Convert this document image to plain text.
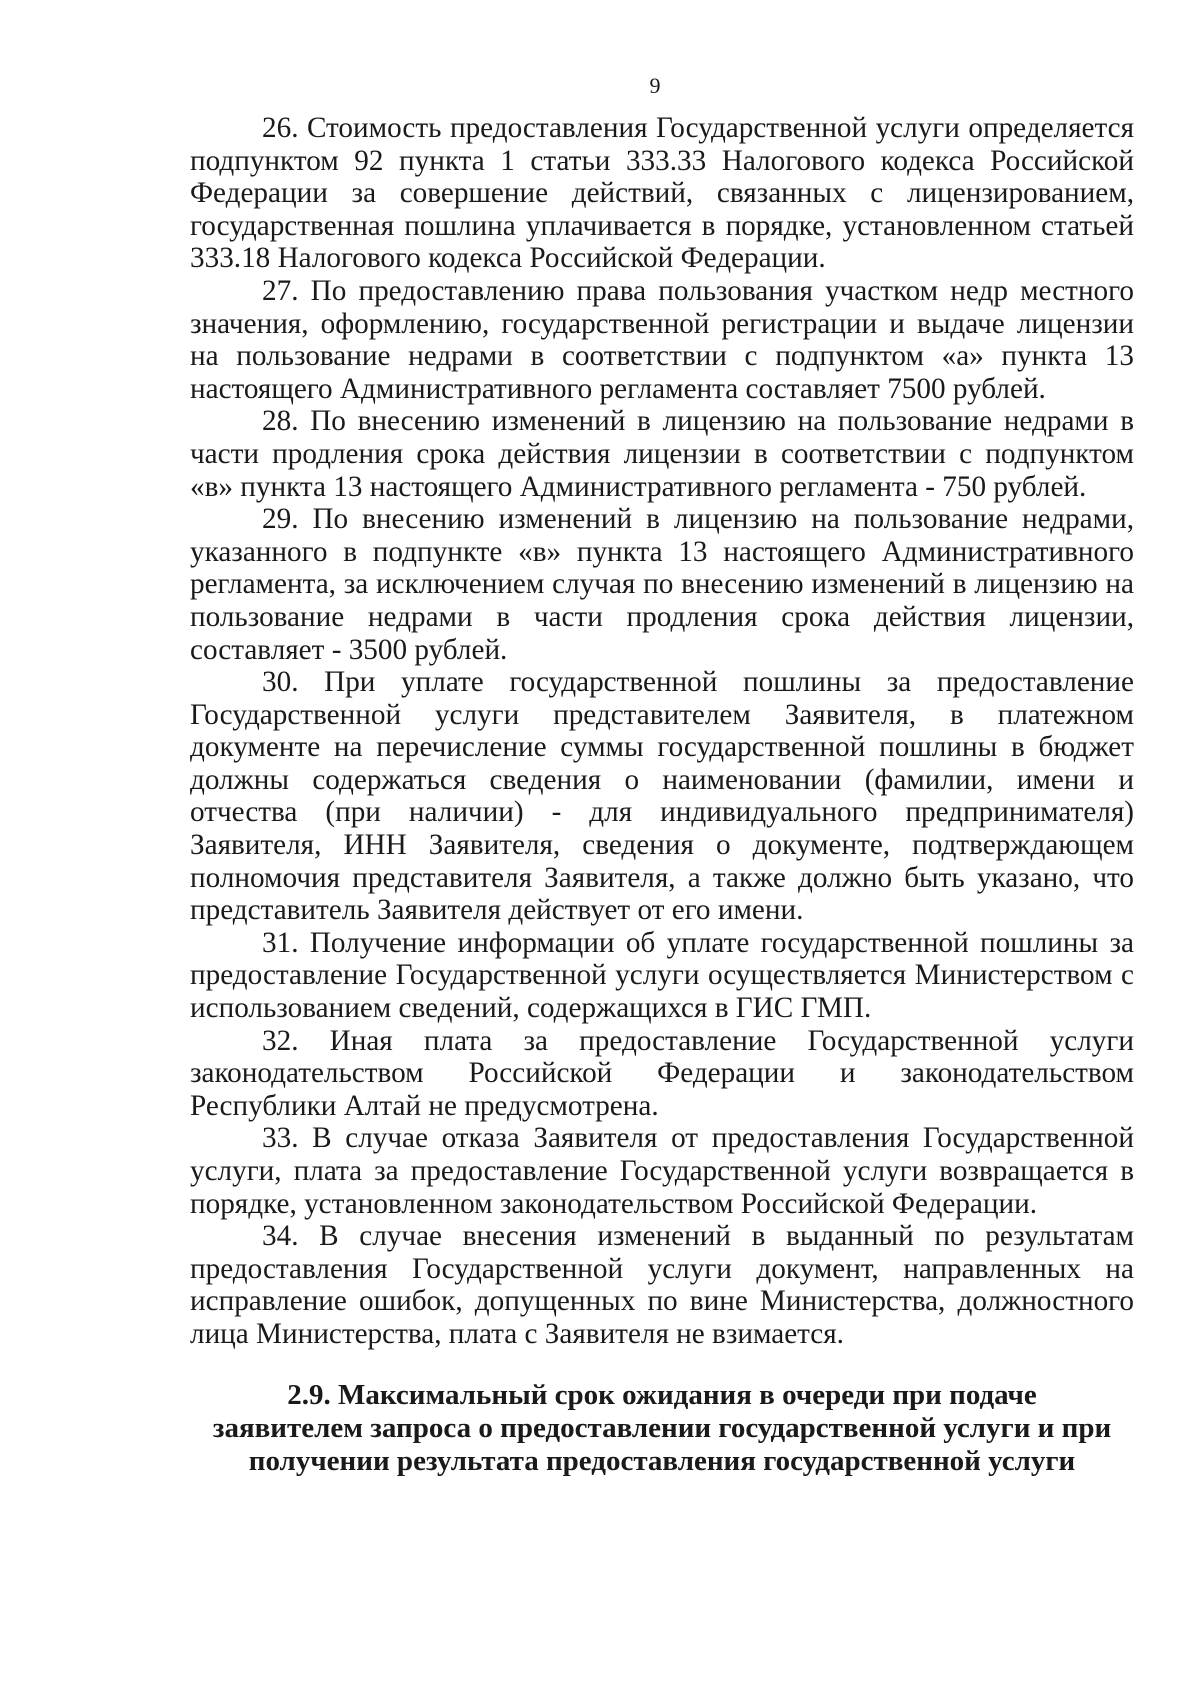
9

26. Стоимость предоставления Государственной услуги определяется подпунктом 92 пункта 1 статьи 333.33 Налогового кодекса Российской Федерации за совершение действий, связанных с лицензированием, государственная пошлина уплачивается в порядке, установленном статьей 333.18 Налогового кодекса Российской Федерации.

27. По предоставлению права пользования участком недр местного значения, оформлению, государственной регистрации и выдаче лицензии на пользование недрами в соответствии с подпунктом «а» пункта 13 настоящего Административного регламента составляет 7500 рублей.

28. По внесению изменений в лицензию на пользование недрами в части продления срока действия лицензии в соответствии с подпунктом «в» пункта 13 настоящего Административного регламента - 750 рублей.

29. По внесению изменений в лицензию на пользование недрами, указанного в подпункте «в» пункта 13 настоящего Административного регламента, за исключением случая по внесению изменений в лицензию на пользование недрами в части продления срока действия лицензии, составляет - 3500 рублей.

30. При уплате государственной пошлины за предоставление Государственной услуги представителем Заявителя, в платежном документе на перечисление суммы государственной пошлины в бюджет должны содержаться сведения о наименовании (фамилии, имени и отчества (при наличии) - для индивидуального предпринимателя) Заявителя, ИНН Заявителя, сведения о документе, подтверждающем полномочия представителя Заявителя, а также должно быть указано, что представитель Заявителя действует от его имени.

31. Получение информации об уплате государственной пошлины за предоставление Государственной услуги осуществляется Министерством с использованием сведений, содержащихся в ГИС ГМП.

32. Иная плата за предоставление Государственной услуги законодательством Российской Федерации и законодательством Республики Алтай не предусмотрена.

33. В случае отказа Заявителя от предоставления Государственной услуги, плата за предоставление Государственной услуги возвращается в порядке, установленном законодательством Российской Федерации.

34. В случае внесения изменений в выданный по результатам предоставления Государственной услуги документ, направленных на исправление ошибок, допущенных по вине Министерства, должностного лица Министерства, плата с Заявителя не взимается.

2.9. Максимальный срок ожидания в очереди при подаче заявителем запроса о предоставлении государственной услуги и при получении результата предоставления государственной услуги
